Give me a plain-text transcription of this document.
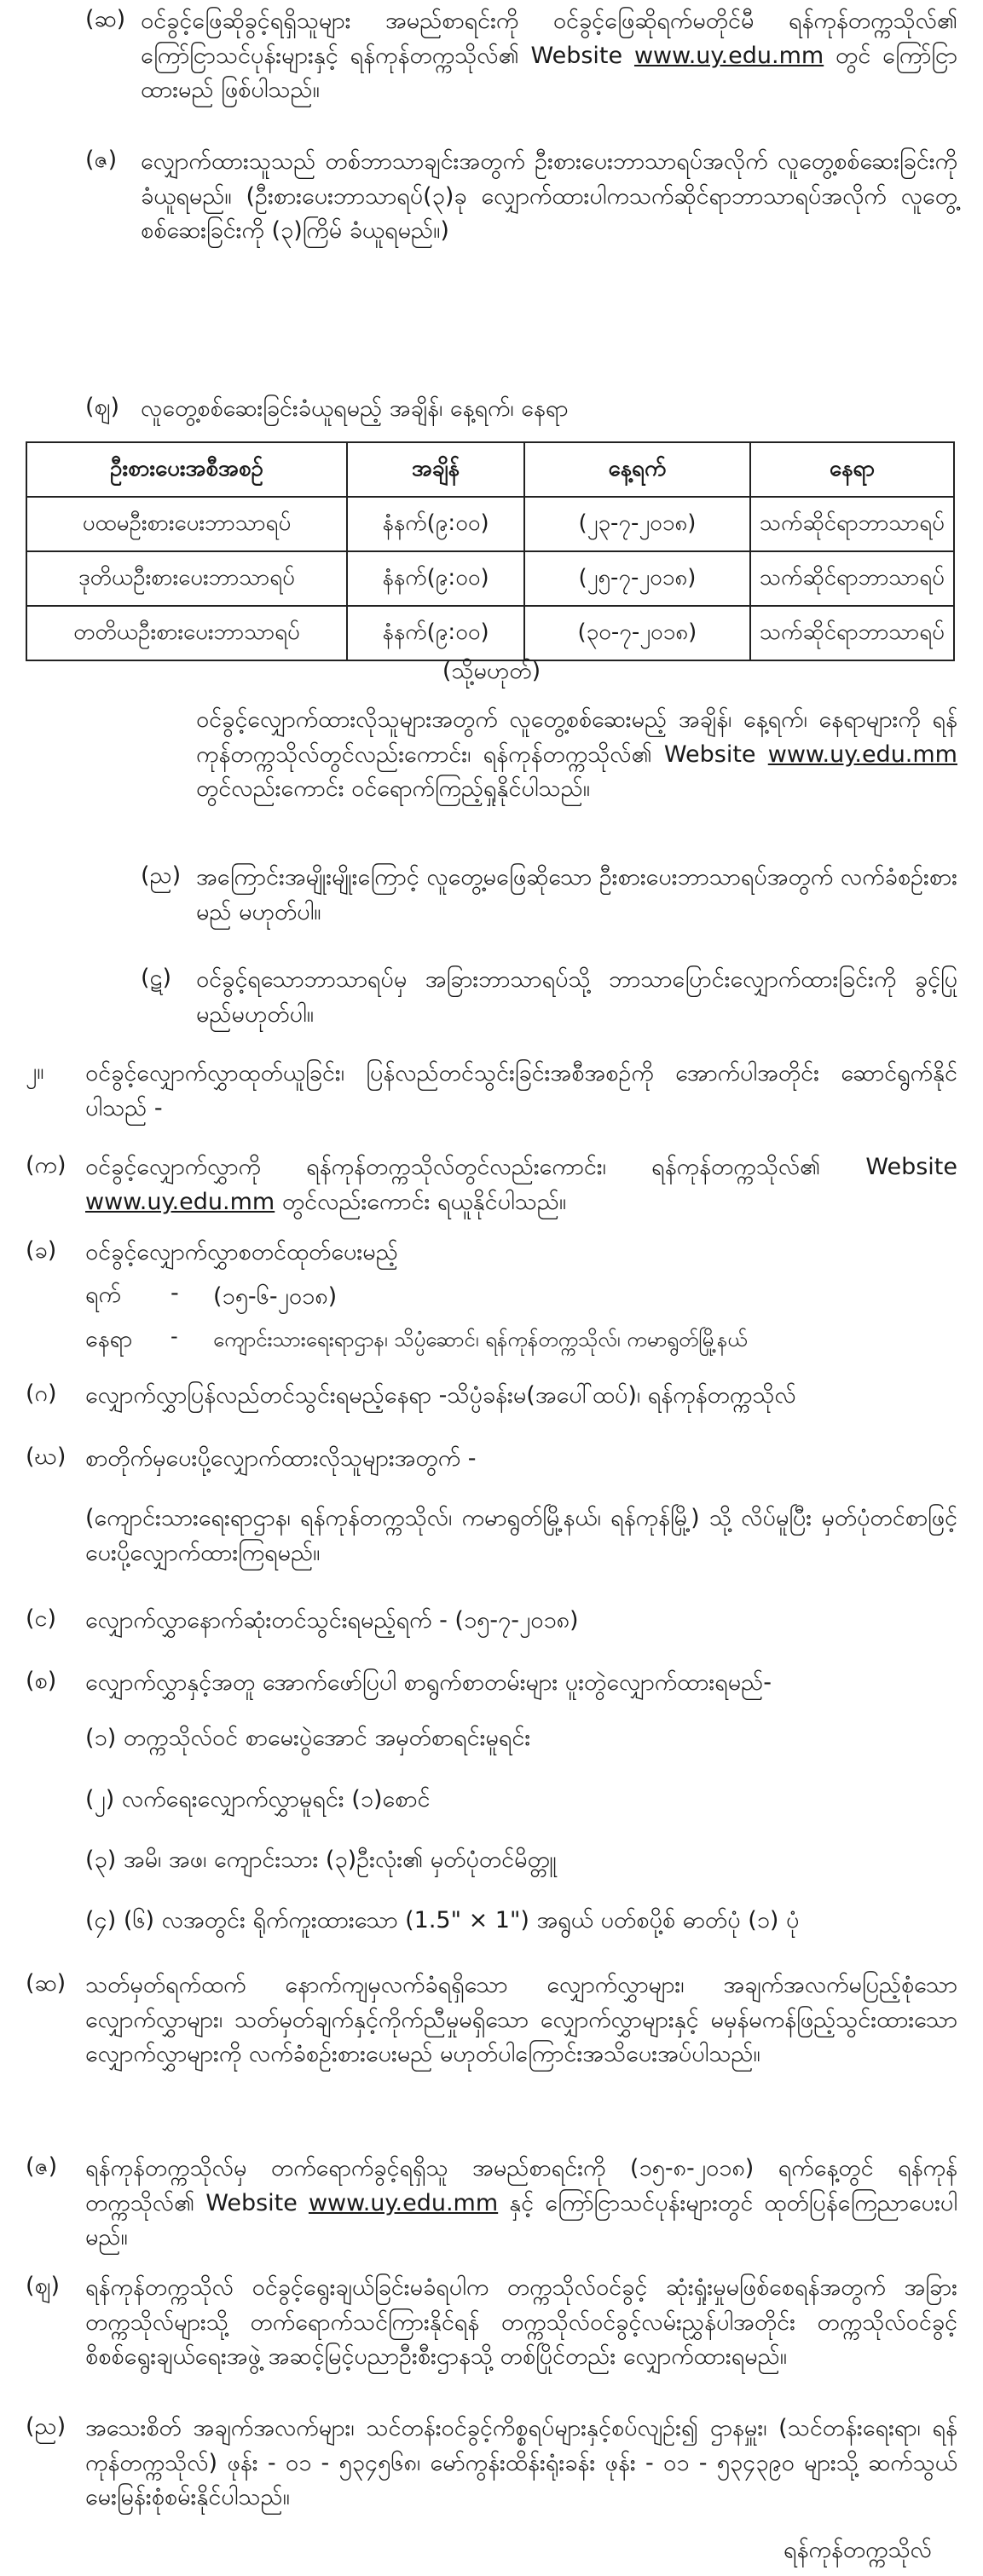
(ဆ) ဝင်ခွင့်ဖြေဆိုခွင့်ရရှိသူများ အမည်စာရင်းကို ဝင်ခွင့်ဖြေဆိုရက်မတိုင်မီ ရန်ကုန်တက္ကသိုလ်၏ ကြော်ငြာသင်ပုန်းများနှင့် ရန်ကုန်တက္ကသိုလ်၏ Website www.uy.edu.mm တွင် ကြော်ငြာထားမည် ဖြစ်ပါသည်။
(ဇ)	လျှောက်ထားသူသည် တစ်ဘာသာချင်းအတွက် ဦးစားပေးဘာသာရပ်အလိုက် လူတွေ့စစ်ဆေးခြင်းကိုခံယူရမည်။ (ဦးစားပေးဘာသာရပ်(၃)ခု လျှောက်ထားပါကသက်ဆိုင်ရာဘာသာရပ်အလိုက် လူတွေ့စစ်ဆေးခြင်းကို (၃)ကြိမ် ခံယူရမည်။)
(ဈ) လူတွေ့စစ်ဆေးခြင်းခံယူရမည့် အချိန်၊ နေ့ရက်၊ နေရာ
ဦးစားပေးအစီအစဉ်	အချိန်	နေ့ရက်	နေရာ
ပထမဦးစားပေးဘာသာရပ်	နံနက်(၉:၀၀)	(၂၃-၇-၂၀၁၈)	သက်ဆိုင်ရာဘာသာရပ်
ဒုတိယဦးစားပေးဘာသာရပ်	နံနက်(၉:၀၀)	(၂၅-၇-၂၀၁၈)	သက်ဆိုင်ရာဘာသာရပ်
တတိယဦးစားပေးဘာသာရပ်	နံနက်(၉:၀၀)	(၃၀-၇-၂၀၁၈)	သက်ဆိုင်ရာဘာသာရပ်
(သို့မဟုတ်)
ဝင်ခွင့်လျှောက်ထားလိုသူများအတွက် လူတွေ့စစ်ဆေးမည့် အချိန်၊ နေ့ရက်၊ နေရာများကို ရန်ကုန်တက္ကသိုလ်တွင်လည်းကောင်း၊ ရန်ကုန်တက္ကသိုလ်၏ Website www.uy.edu.mm တွင်လည်းကောင်း ဝင်ရောက်ကြည့်ရှုနိုင်ပါသည်။
(ည) အကြောင်းအမျိုးမျိုးကြောင့် လူတွေ့မဖြေဆိုသော ဦးစားပေးဘာသာရပ်အတွက် လက်ခံစဉ်းစားမည် မဟုတ်ပါ။
(ဋ)	ဝင်ခွင့်ရသောဘာသာရပ်မှ အခြားဘာသာရပ်သို့ ဘာသာပြောင်းလျှောက်ထားခြင်းကို ခွင့်ပြုမည်မဟုတ်ပါ။
၂။	ဝင်ခွင့်လျှောက်လွှာထုတ်ယူခြင်း၊ ပြန်လည်တင်သွင်းခြင်းအစီအစဉ်ကို အောက်ပါအတိုင်း ဆောင်ရွက်နိုင်ပါသည် -
(က) ဝင်ခွင့်လျှောက်လွှာကို ရန်ကုန်တက္ကသိုလ်တွင်လည်းကောင်း၊ ရန်ကုန်တက္ကသိုလ်၏ Website www.uy.edu.mm တွင်လည်းကောင်း ရယူနိုင်ပါသည်။
(ခ)	ဝင်ခွင့်လျှောက်လွှာစတင်ထုတ်ပေးမည့်
ရက်	-	(၁၅-၆-၂၀၁၈)
နေရာ	-	ကျောင်းသားရေးရာဌာန၊ သိပ္ပံဆောင်၊ ရန်ကုန်တက္ကသိုလ်၊ ကမာရွတ်မြို့နယ်
(ဂ)	လျှောက်လွှာပြန်လည်တင်သွင်းရမည့်နေရာ -သိပ္ပံခန်းမ(အပေါ်ထပ်)၊ ရန်ကုန်တက္ကသိုလ်
(ဃ) စာတိုက်မှပေးပို့လျှောက်ထားလိုသူများအတွက် -
(ကျောင်းသားရေးရာဌာန၊ ရန်ကုန်တက္ကသိုလ်၊ ကမာရွတ်မြို့နယ်၊ ရန်ကုန်မြို့) သို့ လိပ်မူပြီး မှတ်ပုံတင်စာဖြင့် ပေးပို့လျှောက်ထားကြရမည်။
(င)	လျှောက်လွှာနောက်ဆုံးတင်သွင်းရမည့်ရက် - (၁၅-၇-၂၀၁၈)
(စ)	လျှောက်လွှာနှင့်အတူ အောက်ဖော်ပြပါ စာရွက်စာတမ်းများ ပူးတွဲလျှောက်ထားရမည်-
(၁) တက္ကသိုလ်ဝင် စာမေးပွဲအောင် အမှတ်စာရင်းမူရင်း
(၂) လက်ရေးလျှောက်လွှာမူရင်း (၁)စောင်
(၃) အမိ၊ အဖ၊ ကျောင်းသား (၃)ဦးလုံး၏ မှတ်ပုံတင်မိတ္တူ
(၄) (၆) လအတွင်း ရိုက်ကူးထားသော (1.5" × 1") အရွယ် ပတ်စပို့စ် ဓာတ်ပုံ (၁) ပုံ
(ဆ) သတ်မှတ်ရက်ထက် နောက်ကျမှလက်ခံရရှိသော လျှောက်လွှာများ၊ အချက်အလက်မပြည့်စုံသော လျှောက်လွှာများ၊ သတ်မှတ်ချက်နှင့်ကိုက်ညီမှုမရှိသော လျှောက်လွှာများနှင့် မမှန်မကန်ဖြည့်သွင်းထားသော လျှောက်လွှာများကို လက်ခံစဉ်းစားပေးမည် မဟုတ်ပါကြောင်းအသိပေးအပ်ပါသည်။
(ဇ)	ရန်ကုန်တက္ကသိုလ်မှ တက်ရောက်ခွင့်ရရှိသူ အမည်စာရင်းကို (၁၅-၈-၂၀၁၈) ရက်နေ့တွင် ရန်ကုန်တက္ကသိုလ်၏ Website www.uy.edu.mm နှင့် ကြော်ငြာသင်ပုန်းများတွင် ထုတ်ပြန်ကြေညာပေးပါမည်။
(ဈ)	ရန်ကုန်တက္ကသိုလ် ဝင်ခွင့်ရွေးချယ်ခြင်းမခံရပါက တက္ကသိုလ်ဝင်ခွင့် ဆုံးရှုံးမှုမဖြစ်စေရန်အတွက် အခြားတက္ကသိုလ်များသို့ တက်ရောက်သင်ကြားနိုင်ရန် တက္ကသိုလ်ဝင်ခွင့်လမ်းညွှန်ပါအတိုင်း တက္ကသိုလ်ဝင်ခွင့် စိစစ်ရွေးချယ်ရေးအဖွဲ့ အဆင့်မြင့်ပညာဦးစီးဌာနသို့ တစ်ပြိုင်တည်း လျှောက်ထားရမည်။
(ည) အသေးစိတ် အချက်အလက်များ၊ သင်တန်းဝင်ခွင့်ကိစ္စရပ်များနှင့်စပ်လျဉ်း၍ ဌာနမှူး၊ (သင်တန်းရေးရာ၊ ရန်ကုန်တက္ကသိုလ်) ဖုန်း - ၀၁ - ၅၃၄၅၆၈၊ မော်ကွန်းထိန်းရုံးခန်း ဖုန်း - ၀၁ - ၅၃၄၃၉၀ များသို့ ဆက်သွယ်မေးမြန်းစုံစမ်းနိုင်ပါသည်။
ရန်ကုန်တက္ကသိုလ်
